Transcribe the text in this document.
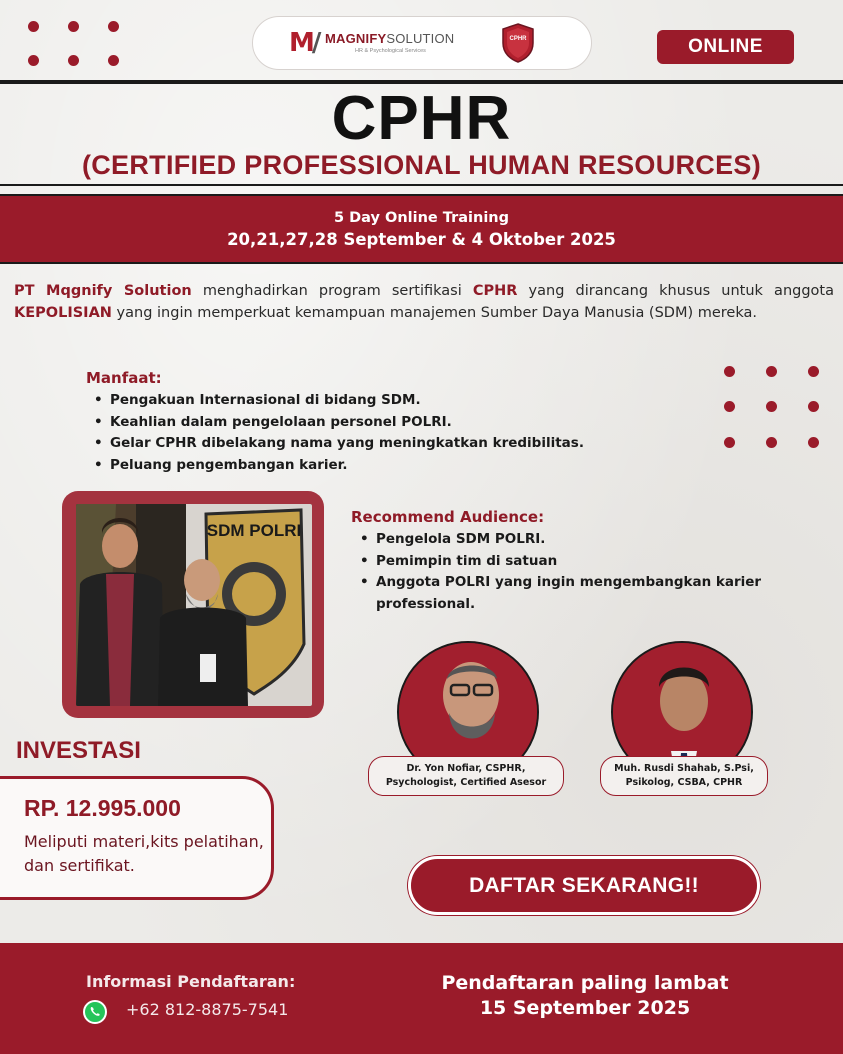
M/ MAGNIFYSOLUTION
HR & Psychological Services
CPHR	ONLINE
CPHR
(CERTIFIED PROFESSIONAL HUMAN RESOURCES)
5 Day Online Training
20,21,27,28 September & 4 Oktober 2025

PT Mqgnify Solution menghadirkan program sertifikasi CPHR yang dirancang khusus untuk anggota KEPOLISIAN yang ingin memperkuat kemampuan manajemen Sumber Daya Manusia (SDM) mereka.

Manfaat:
• Pengakuan Internasional di bidang SDM.
• Keahlian dalam pengelolaan personel POLRI.
• Gelar CPHR dibelakang nama yang meningkatkan kredibilitas.
• Peluang pengembangan karier.
SDM POLRI
Recommend Audience:
• Pengelola SDM POLRI.
• Pemimpin tim di satuan
• Anggota POLRI yang ingin mengembangkan karier professional.
Dr. Yon Nofiar, CSPHR,
Psychologist, Certified Asesor
Muh. Rusdi Shahab, S.Psi,
Psikolog, CSBA, CPHR
INVESTASI
RP. 12.995.000
Meliputi materi,kits pelatihan, dan sertifikat.
DAFTAR SEKARANG!!
Informasi Pendaftaran:
+62 812-8875-7541
Pendaftaran paling lambat
15 September 2025
